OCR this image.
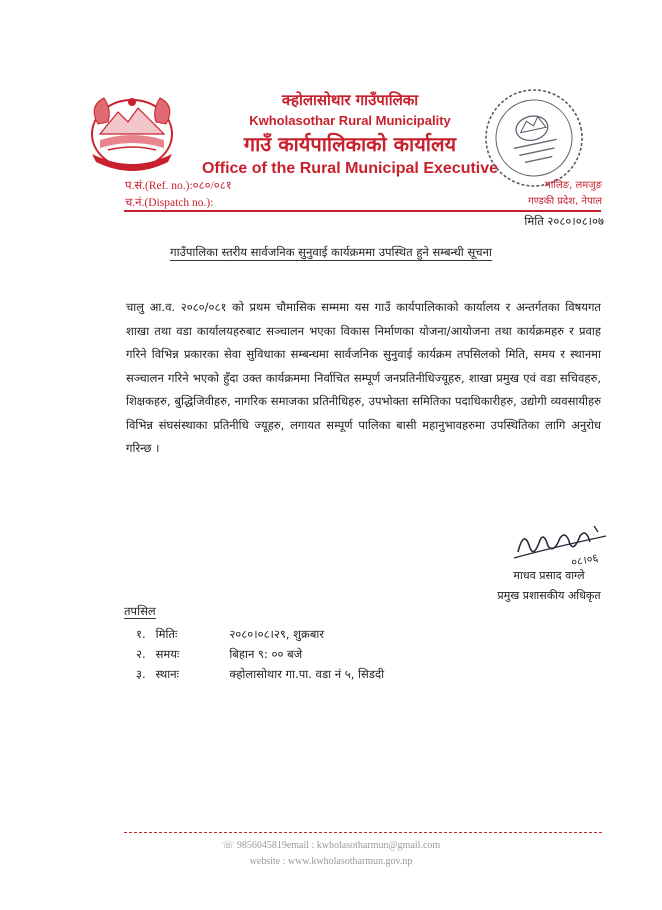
क्होलासोथार गाउँपालिका
Kwholasothar Rural Municipality
गाउँ कार्यपालिकाको कार्यालय
Office of the Rural Municipal Executive
प.सं.(Ref. no.):०८०/०८१
च.नं.(Dispatch no.):
मालिङ, लमजुङ
गण्डकी प्रदेश, नेपाल
मिति २०८०।०८।०७
गाउँपालिका स्तरीय सार्वजनिक सुनुवाई कार्यक्रममा उपस्थित हुने सम्बन्धी सूचना
चालु आ.व. २०८०/०८१ को प्रथम चौमासिक सम्ममा यस गाउँ कार्यपालिकाको कार्यालय र अन्तर्गतका विषयगत शाखा तथा वडा कार्यालयहरुबाट सञ्चालन भएका विकास निर्माणका योजना/आयोजना तथा कार्यक्रमहरु र प्रवाह गरिने विभिन्न प्रकारका सेवा सुविधाका सम्बन्धमा सार्वजनिक सुनुवाई कार्यक्रम तपसिलको मिति, समय र स्थानमा सञ्चालन गरिने भएको हुँदा उक्त कार्यक्रममा निर्वाचित सम्पूर्ण जनप्रतिनीधिज्यूहरु, शाखा प्रमुख एवं वडा सचिवहरु, शिक्षकहरु, बुद्धिजिवीहरु, नागरिक समाजका प्रतिनीधिहरु, उपभोक्ता समितिका पदाधिकारीहरु, उद्योगी व्यवसायीहरु विभिन्न संघसंस्थाका प्रतिनीधि ज्यूहरु, लगायत सम्पूर्ण पालिका बासी महानुभावहरुमा उपस्थितिका लागि अनुरोध गरिन्छ ।
०८।०६
माधव प्रसाद वाग्ले
प्रमुख प्रशासकीय अधिकृत
तपसिल
१. मितिः	२०८०।०८।२९, शुक्रबार
२. समयः	बिहान ९: ०० बजे
३. स्थानः	क्होलासोथार गा.पा. वडा नं ५, सिडदी
☏ 9856045819email : kwholasotharmun@gmail.com
website : www.kwholasotharmun.gov.np
